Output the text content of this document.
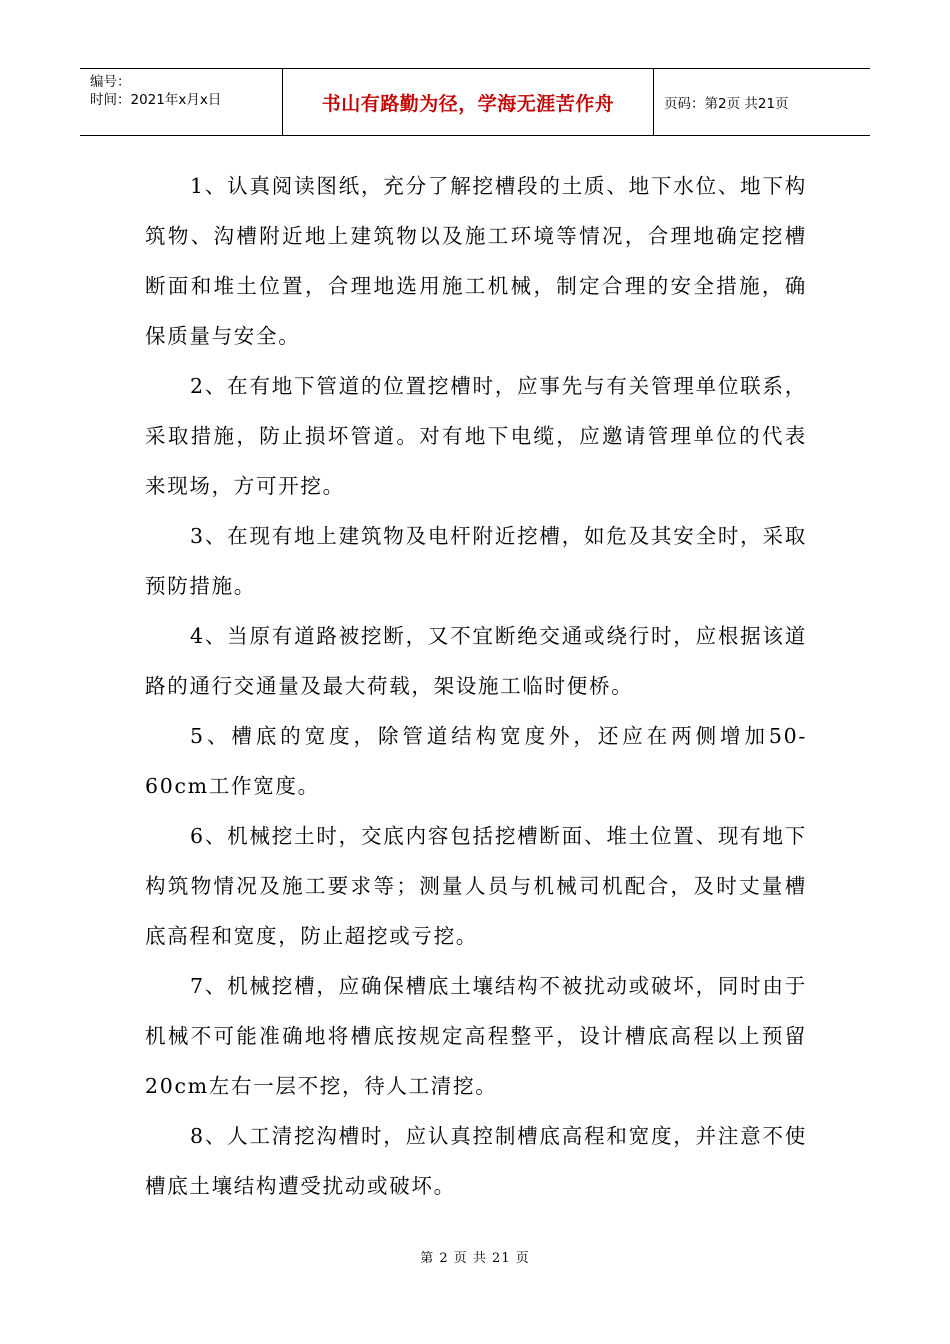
编号：
时间：2021年x月x日	书山有路勤为径，学海无涯苦作舟	页码：第2页 共21页

1、认真阅读图纸，充分了解挖槽段的土质、地下水位、地下构筑物、沟槽附近地上建筑物以及施工环境等情况，合理地确定挖槽断面和堆土位置，合理地选用施工机械，制定合理的安全措施，确保质量与安全。

2、在有地下管道的位置挖槽时，应事先与有关管理单位联系，采取措施，防止损坏管道。对有地下电缆，应邀请管理单位的代表来现场，方可开挖。

3、在现有地上建筑物及电杆附近挖槽，如危及其安全时，采取预防措施。

4、当原有道路被挖断，又不宜断绝交通或绕行时，应根据该道路的通行交通量及最大荷载，架设施工临时便桥。

5、槽底的宽度，除管道结构宽度外，还应在两侧增加50-60cm工作宽度。

6、机械挖土时，交底内容包括挖槽断面、堆土位置、现有地下构筑物情况及施工要求等；测量人员与机械司机配合，及时丈量槽底高程和宽度，防止超挖或亏挖。

7、机械挖槽，应确保槽底土壤结构不被扰动或破坏，同时由于机械不可能准确地将槽底按规定高程整平，设计槽底高程以上预留20cm左右一层不挖，待人工清挖。

8、人工清挖沟槽时，应认真控制槽底高程和宽度，并注意不使槽底土壤结构遭受扰动或破坏。

第 2 页 共 21 页
